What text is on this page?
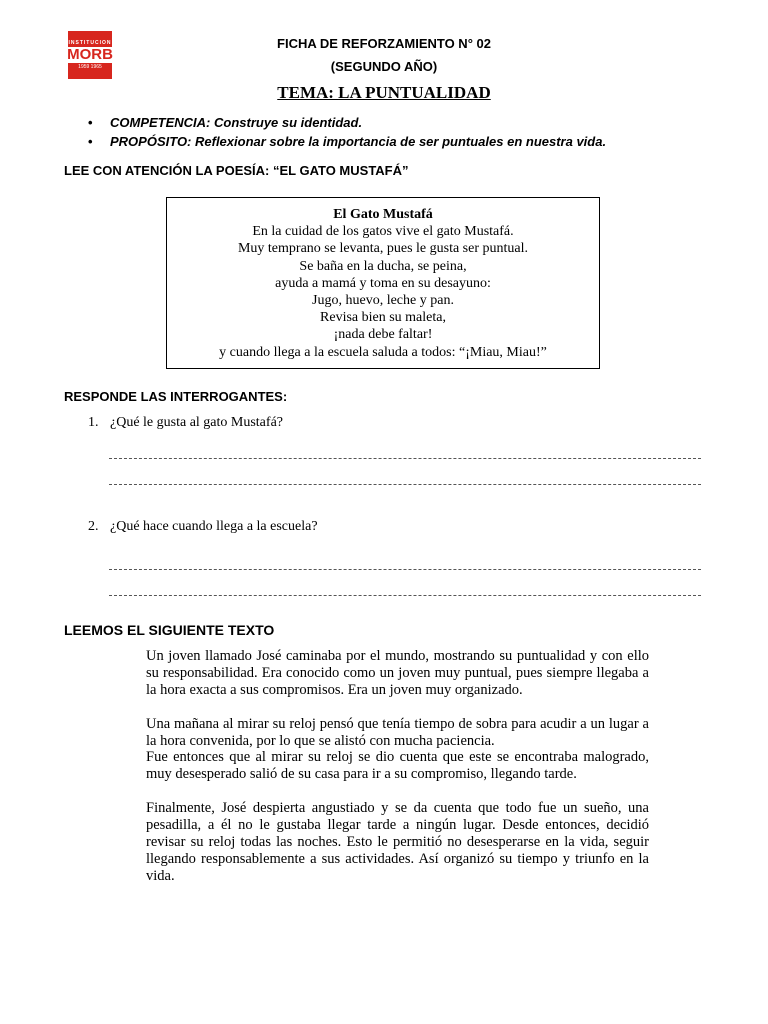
INSTITUCION
MORB
1959 1965
FICHA DE REFORZAMIENTO N° 02
(SEGUNDO AÑO)
TEMA: LA PUNTUALIDAD
• COMPETENCIA: Construye su identidad.
• PROPÓSITO: Reflexionar sobre la importancia de ser puntuales en nuestra vida.
LEE CON ATENCIÓN LA POESÍA: “EL GATO MUSTAFÁ”
El Gato Mustafá
En la cuidad de los gatos vive el gato Mustafá.
Muy temprano se levanta, pues le gusta ser puntual.
Se baña en la ducha, se peina,
ayuda a mamá y toma en su desayuno:
Jugo, huevo, leche y pan.
Revisa bien su maleta,
¡nada debe faltar!
y cuando llega a la escuela saluda a todos: “¡Miau, Miau!”
RESPONDE LAS INTERROGANTES:
1. ¿Qué le gusta al gato Mustafá?
2. ¿Qué hace cuando llega a la escuela?
LEEMOS EL SIGUIENTE TEXTO

Un joven llamado José caminaba por el mundo, mostrando su puntualidad y con ello su responsabilidad. Era conocido como un joven muy puntual, pues siempre llegaba a la hora exacta a sus compromisos. Era un joven muy organizado.

Una mañana al mirar su reloj pensó que tenía tiempo de sobra para acudir a un lugar a la hora convenida, por lo que se alistó con mucha paciencia.

Fue entonces que al mirar su reloj se dio cuenta que este se encontraba malogrado, muy desesperado salió de su casa para ir a su compromiso, llegando tarde.

Finalmente, José despierta angustiado y se da cuenta que todo fue un sueño, una pesadilla, a él no le gustaba llegar tarde a ningún lugar. Desde entonces, decidió revisar su reloj todas las noches. Esto le permitió no desesperarse en la vida, seguir llegando responsablemente a sus actividades. Así organizó su tiempo y triunfo en la vida.
